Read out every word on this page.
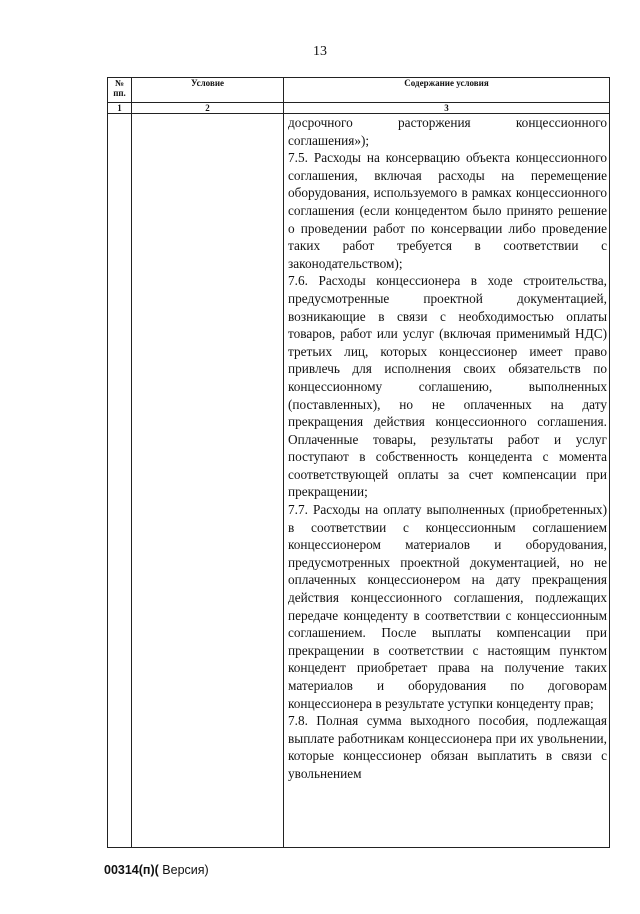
13
№ пп.	Условие	Содержание условия
1	2	3

		досрочного расторжения концессионного соглашения»);

7.5. Расходы на консервацию объекта концессионного соглашения, включая расходы на перемещение оборудования, используемого в рамках концессионного соглашения (если концедентом было принято решение о проведении работ по консервации либо проведение таких работ требуется в соответствии с законодательством);

7.6. Расходы концессионера в ходе строительства, предусмотренные проектной документацией, возникающие в связи с необходимостью оплаты товаров, работ или услуг (включая применимый НДС) третьих лиц, которых концессионер имеет право привлечь для исполнения своих обязательств по концессионному соглашению, выполненных (поставленных), но не оплаченных на дату прекращения действия концессионного соглашения. Оплаченные товары, результаты работ и услуг поступают в собственность концедента с момента соответствующей оплаты за счет компенсации при прекращении;

7.7. Расходы на оплату выполненных (приобретенных) в соответствии с концессионным соглашением концессионером материалов и оборудования, предусмотренных проектной документацией, но не оплаченных концессионером на дату прекращения действия концессионного соглашения, подлежащих передаче концеденту в соответствии с концессионным соглашением. После выплаты компенсации при прекращении в соответствии с настоящим пунктом концедент приобретает права на получение таких материалов и оборудования по договорам концессионера в результате уступки концеденту прав;

7.8. Полная сумма выходного пособия, подлежащая выплате работникам концессионера при их увольнении, которые концессионер обязан выплатить в связи с увольнением

00314(п)( Версия)
